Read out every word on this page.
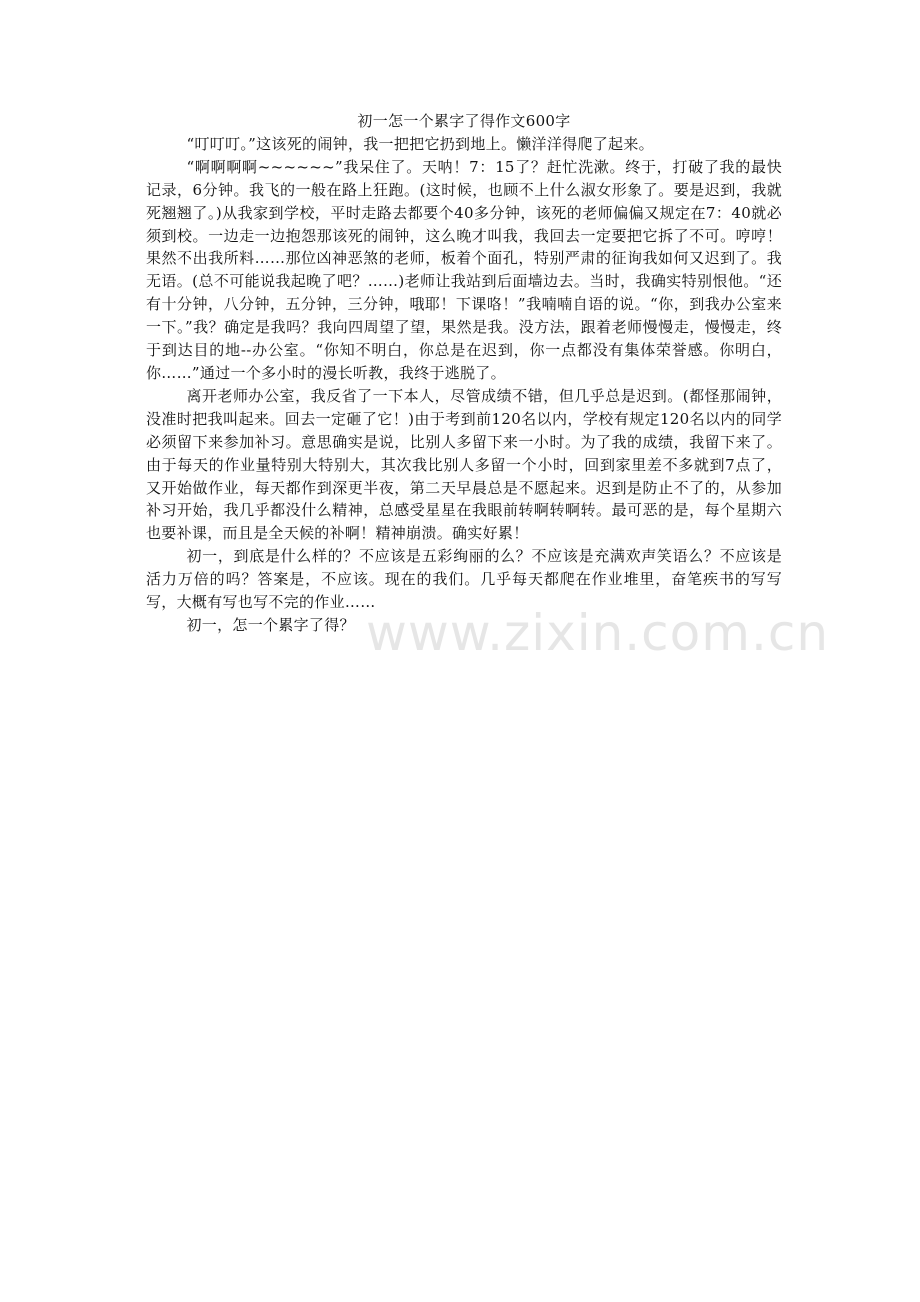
初一怎一个累字了得作文600字

“叮叮叮。”这该死的闹钟，我一把把它扔到地上。懒洋洋得爬了起来。

“啊啊啊啊~~~~~~”我呆住了。天呐！7：15了？赶忙洗漱。终于，打破了我的最快记录，6分钟。我飞的一般在路上狂跑。(这时候，也顾不上什么淑女形象了。要是迟到，我就死翘翘了。)从我家到学校，平时走路去都要个40多分钟，该死的老师偏偏又规定在7：40就必须到校。一边走一边抱怨那该死的闹钟，这么晚才叫我，我回去一定要把它拆了不可。哼哼！果然不出我所料……那位凶神恶煞的老师，板着个面孔，特别严肃的征询我如何又迟到了。我无语。(总不可能说我起晚了吧？……)老师让我站到后面墙边去。当时，我确实特别恨他。“还有十分钟，八分钟，五分钟，三分钟，哦耶！下课咯！”我喃喃自语的说。“你，到我办公室来一下。”我？确定是我吗？我向四周望了望，果然是我。没方法，跟着老师慢慢走，慢慢走，终于到达目的地--办公室。“你知不明白，你总是在迟到，你一点都没有集体荣誉感。你明白，你……”通过一个多小时的漫长听教，我终于逃脱了。

离开老师办公室，我反省了一下本人，尽管成绩不错，但几乎总是迟到。(都怪那闹钟，没准时把我叫起来。回去一定砸了它！)由于考到前120名以内，学校有规定120名以内的同学必须留下来参加补习。意思确实是说，比别人多留下来一小时。为了我的成绩，我留下来了。由于每天的作业量特别大特别大，其次我比别人多留一个小时，回到家里差不多就到7点了，又开始做作业，每天都作到深更半夜，第二天早晨总是不愿起来。迟到是防止不了的，从参加补习开始，我几乎都没什么精神，总感受星星在我眼前转啊转啊转。最可恶的是，每个星期六也要补课，而且是全天候的补啊！精神崩溃。确实好累！

初一，到底是什么样的？不应该是五彩绚丽的么？不应该是充满欢声笑语么？不应该是活力万倍的吗？答案是，不应该。现在的我们。几乎每天都爬在作业堆里，奋笔疾书的写写写，大概有写也写不完的作业……

初一，怎一个累字了得？ www.zixin.com.cn
